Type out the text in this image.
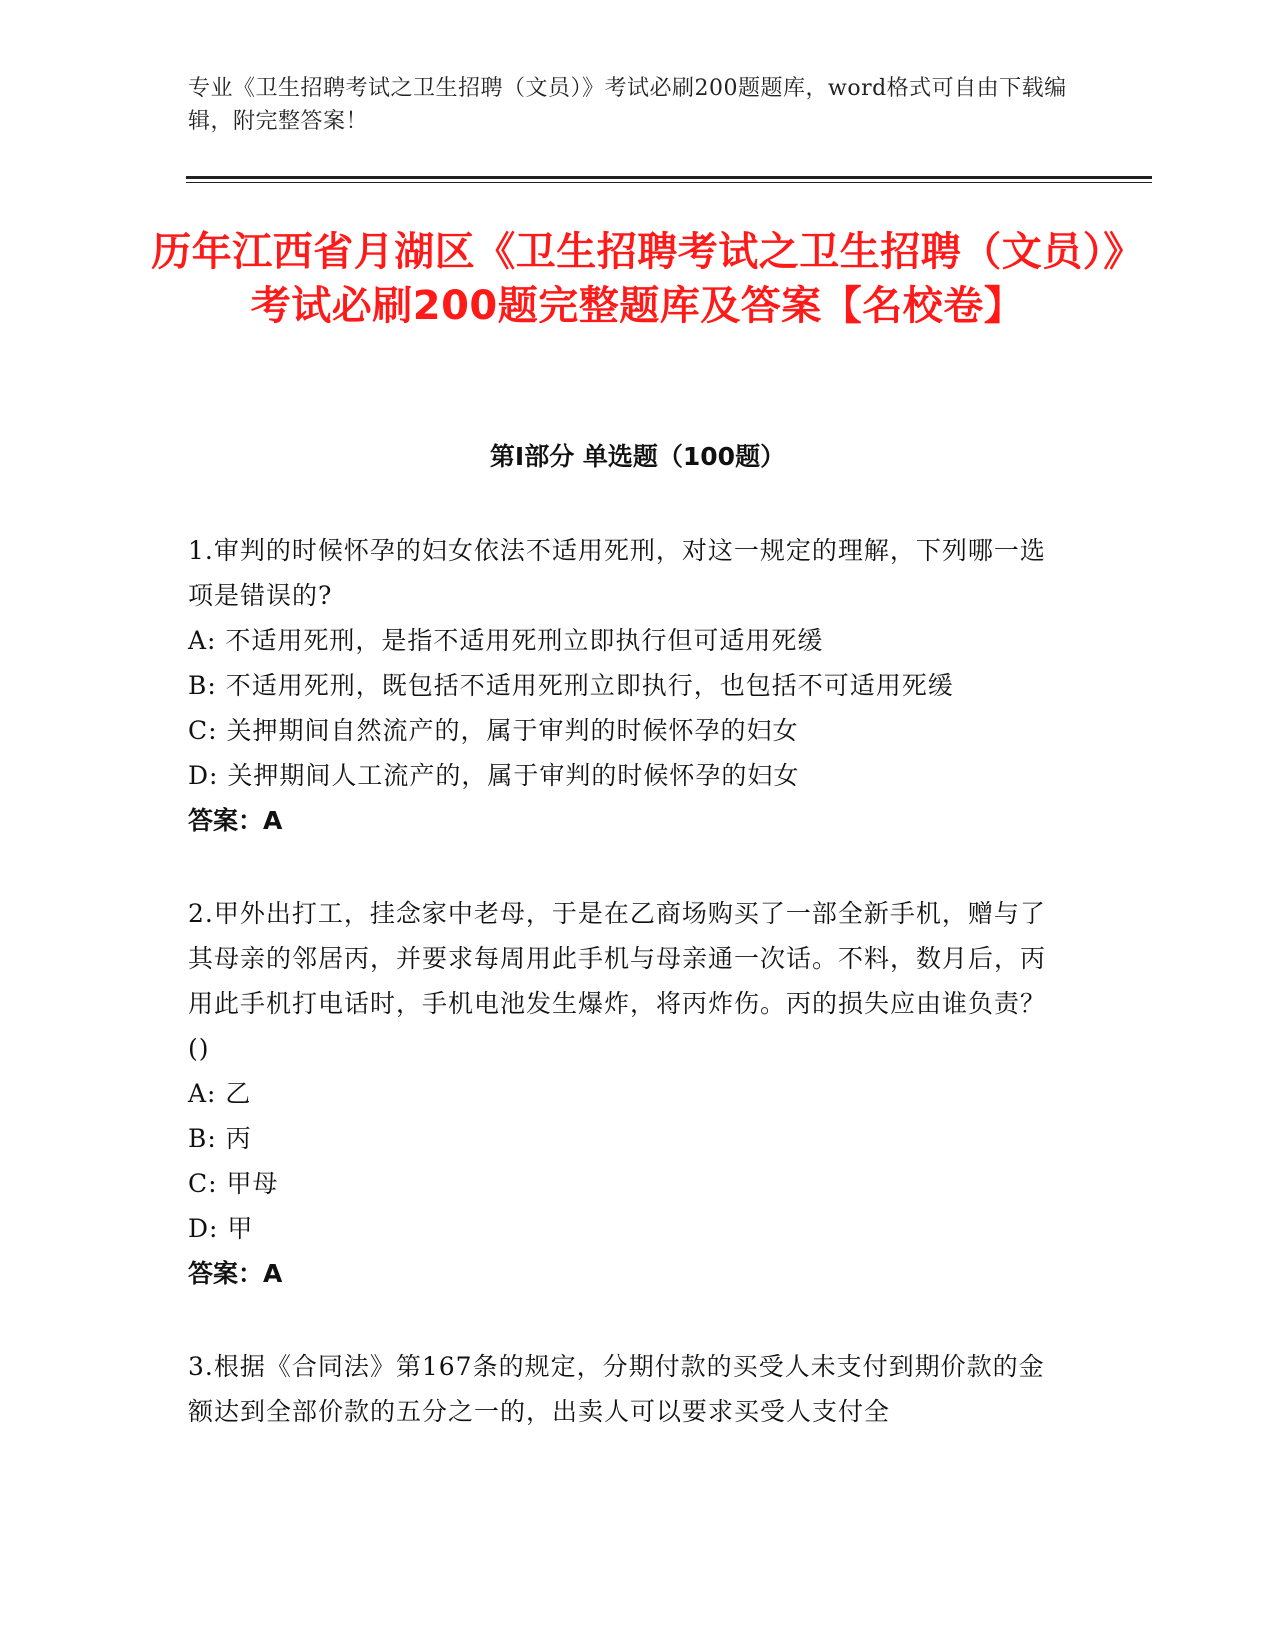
专业《卫生招聘考试之卫生招聘（文员）》考试必刷200题题库，word格式可自由下载编辑，附完整答案！
历年江西省月湖区《卫生招聘考试之卫生招聘（文员）》考试必刷200题完整题库及答案【名校卷】
第Ⅰ部分 单选题（100题）
1.审判的时候怀孕的妇女依法不适用死刑，对这一规定的理解，下列哪一选项是错误的?
A: 不适用死刑，是指不适用死刑立即执行但可适用死缓
B: 不适用死刑，既包括不适用死刑立即执行，也包括不可适用死缓
C: 关押期间自然流产的，属于审判的时候怀孕的妇女
D: 关押期间人工流产的，属于审判的时候怀孕的妇女
答案：A
2.甲外出打工，挂念家中老母，于是在乙商场购买了一部全新手机，赠与了其母亲的邻居丙，并要求每周用此手机与母亲通一次话。不料，数月后，丙用此手机打电话时，手机电池发生爆炸，将丙炸伤。丙的损失应由谁负责？()
A: 乙
B: 丙
C: 甲母
D: 甲
答案：A
3.根据《合同法》第167条的规定，分期付款的买受人未支付到期价款的金额达到全部价款的五分之一的，出卖人可以要求买受人支付全
